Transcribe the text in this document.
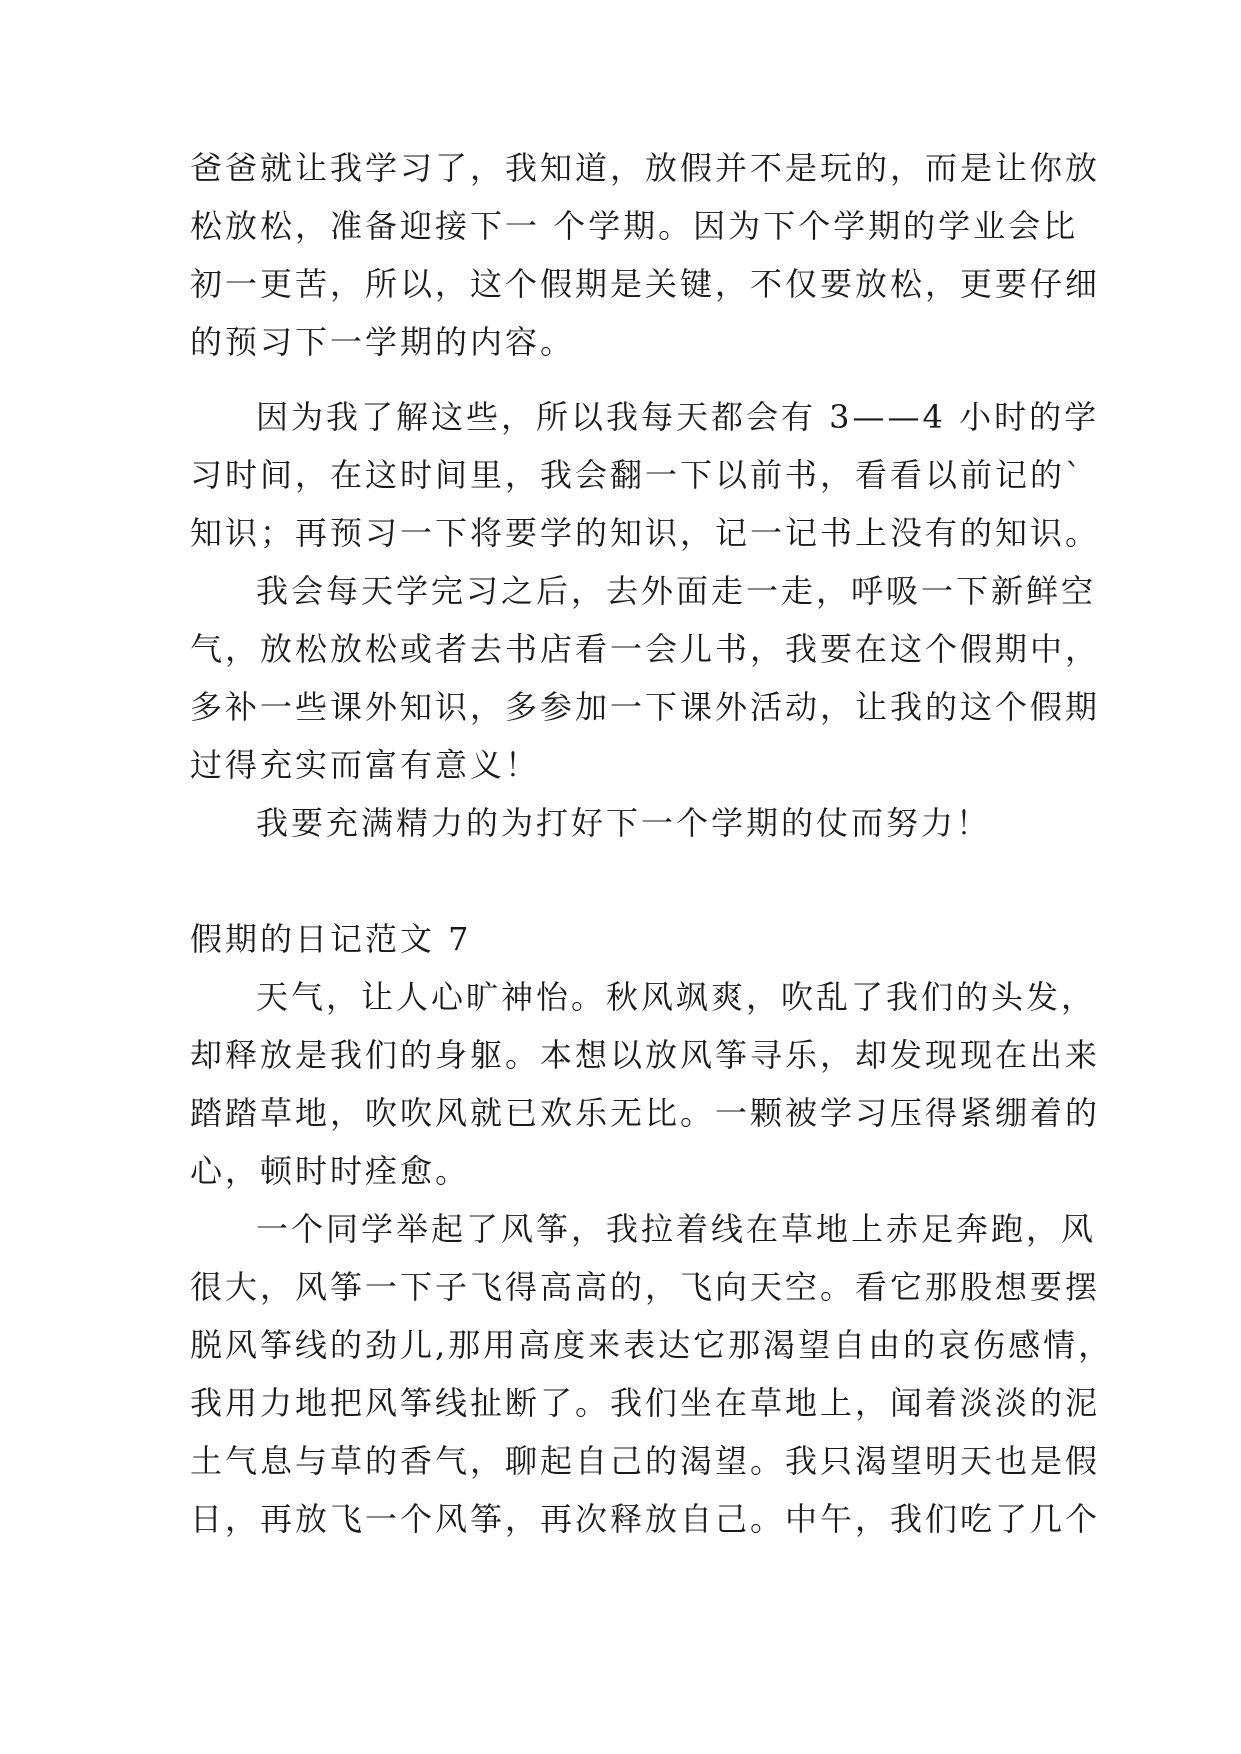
爸爸就让我学习了，我知道，放假并不是玩的，而是让你放
松放松，准备迎接下一 个学期。因为下个学期的学业会比
初一更苦，所以，这个假期是关键，不仅要放松，更要仔细
的预习下一学期的内容。
因为我了解这些，所以我每天都会有 3——4 小时的学
习时间，在这时间里，我会翻一下以前书，看看以前记的`
知识；再预习一下将要学的知识，记一记书上没有的知识。
我会每天学完习之后，去外面走一走，呼吸一下新鲜空
气，放松放松或者去书店看一会儿书，我要在这个假期中，
多补一些课外知识，多参加一下课外活动，让我的这个假期
过得充实而富有意义！
我要充满精力的为打好下一个学期的仗而努力！
假期的日记范文 7
天气，让人心旷神怡。秋风飒爽，吹乱了我们的头发，
却释放是我们的身躯。本想以放风筝寻乐，却发现现在出来
踏踏草地，吹吹风就已欢乐无比。一颗被学习压得紧绷着的
心，顿时时痊愈。
一个同学举起了风筝，我拉着线在草地上赤足奔跑，风
很大，风筝一下子飞得高高的，飞向天空。看它那股想要摆
脱风筝线的劲儿,那用高度来表达它那渴望自由的哀伤感情，
我用力地把风筝线扯断了。我们坐在草地上，闻着淡淡的泥
土气息与草的香气，聊起自己的渴望。我只渴望明天也是假
日，再放飞一个风筝，再次释放自己。中午，我们吃了几个
